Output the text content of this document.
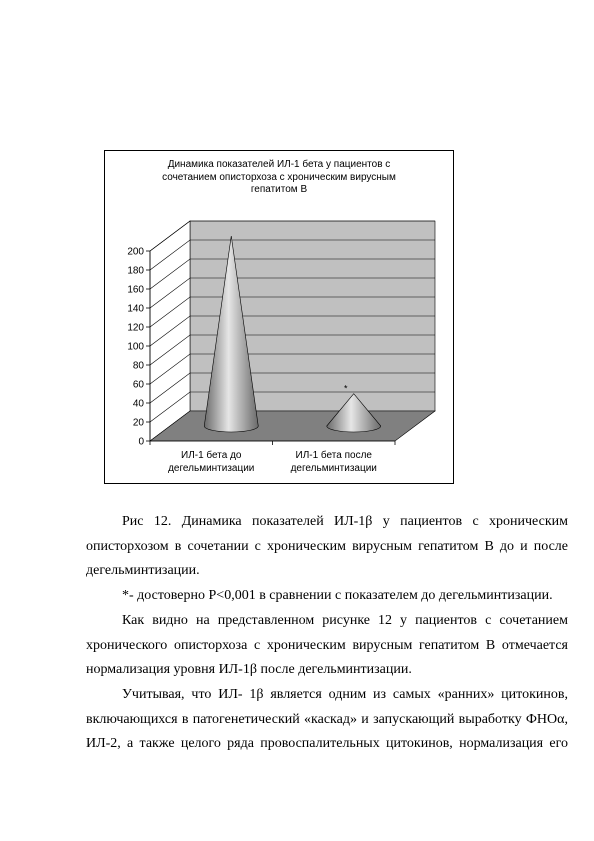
Динамика показателей ИЛ-1 бета у пациентов с
сочетанием описторхоза с хроническим вирусным
гепатитом В
0
20
40
60
80
100
120
140
160
180
200
ИЛ-1 бета до
дегельминтизации
*
ИЛ-1 бета после
дегельминтизации
Рис 12. Динамика показателей ИЛ-1β у пациентов с хроническим
описторхозом в сочетании с хроническим вирусным гепатитом В до и после
дегельминтизации.
*- достоверно Р<0,001 в сравнении с показателем до дегельминтизации.
Как видно на представленном рисунке 12 у пациентов с сочетанием
хронического описторхоза с хроническим вирусным гепатитом В отмечается
нормализация уровня ИЛ-1β после дегельминтизации.
Учитывая, что ИЛ- 1β является одним из самых «ранних» цитокинов,
включающихся в патогенетический «каскад» и запускающий выработку ФНОα,
ИЛ-2, а также целого ряда провоспалительных цитокинов, нормализация его
